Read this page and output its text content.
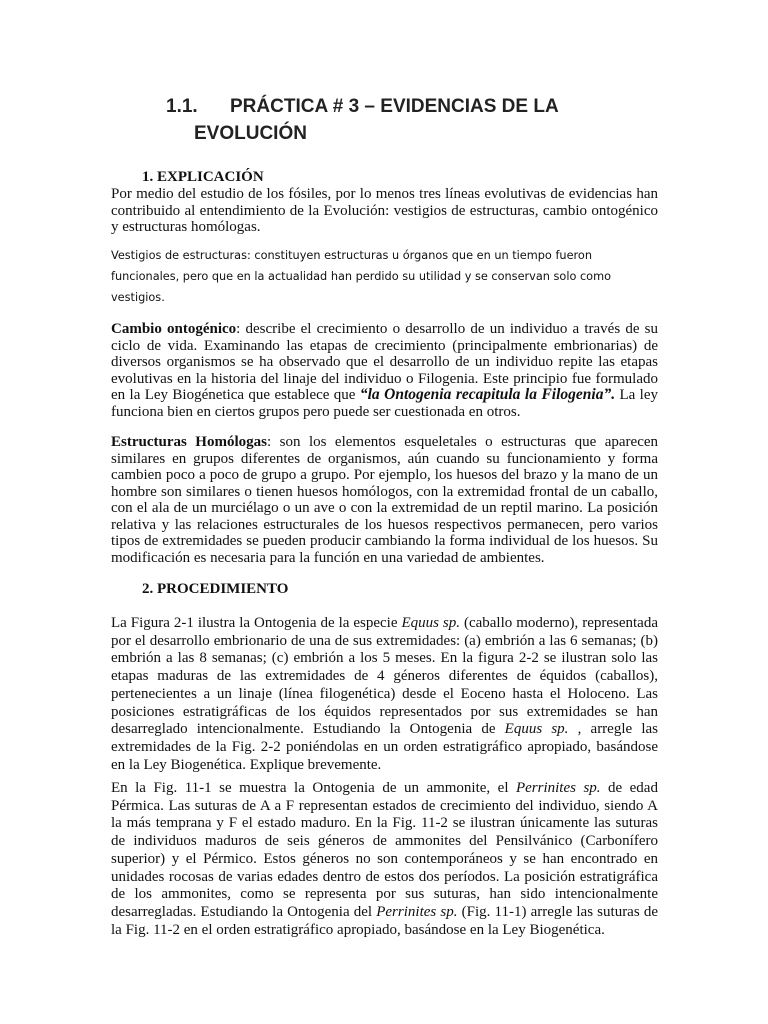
1.1. PRÁCTICA # 3 – EVIDENCIAS DE LA
EVOLUCIÓN
1. EXPLICACIÓN
Por medio del estudio de los fósiles, por lo menos tres líneas evolutivas de evidencias han contribuido al entendimiento de la Evolución: vestigios de estructuras, cambio ontogénico y estructuras homólogas.
Vestigios de estructuras: constituyen estructuras u órganos que en un tiempo fueron funcionales, pero que en la actualidad han perdido su utilidad y se conservan solo como vestigios.
Cambio ontogénico: describe el crecimiento o desarrollo de un individuo a través de su ciclo de vida. Examinando las etapas de crecimiento (principalmente embrionarias) de diversos organismos se ha observado que el desarrollo de un individuo repite las etapas evolutivas en la historia del linaje del individuo o Filogenia. Este principio fue formulado en la Ley Biogénetica que establece que “la Ontogenia recapitula la Filogenia”. La ley funciona bien en ciertos grupos pero puede ser cuestionada en otros.
Estructuras Homólogas: son los elementos esqueletales o estructuras que aparecen similares en grupos diferentes de organismos, aún cuando su funcionamiento y forma cambien poco a poco de grupo a grupo. Por ejemplo, los huesos del brazo y la mano de un hombre son similares o tienen huesos homólogos, con la extremidad frontal de un caballo, con el ala de un murciélago o un ave o con la extremidad de un reptil marino. La posición relativa y las relaciones estructurales de los huesos respectivos permanecen, pero varios tipos de extremidades se pueden producir cambiando la forma individual de los huesos. Su modificación es necesaria para la función en una variedad de ambientes.
2. PROCEDIMIENTO
La Figura 2-1 ilustra la Ontogenia de la especie Equus sp. (caballo moderno), representada por el desarrollo embrionario de una de sus extremidades: (a) embrión a las 6 semanas; (b) embrión a las 8 semanas; (c) embrión a los 5 meses. En la figura 2-2 se ilustran solo las etapas maduras de las extremidades de 4 géneros diferentes de équidos (caballos), pertenecientes a un linaje (línea filogenética) desde el Eoceno hasta el Holoceno. Las posiciones estratigráficas de los équidos representados por sus extremidades se han desarreglado intencionalmente. Estudiando la Ontogenia de Equus sp. , arregle las extremidades de la Fig. 2-2 poniéndolas en un orden estratigráfico apropiado, basándose en la Ley Biogenética. Explique brevemente.
En la Fig. 11-1 se muestra la Ontogenia de un ammonite, el Perrinites sp. de edad Pérmica. Las suturas de A a F representan estados de crecimiento del individuo, siendo A la más temprana y F el estado maduro. En la Fig. 11-2 se ilustran únicamente las suturas de individuos maduros de seis géneros de ammonites del Pensilvánico (Carbonífero superior) y el Pérmico. Estos géneros no son contemporáneos y se han encontrado en unidades rocosas de varias edades dentro de estos dos períodos. La posición estratigráfica de los ammonites, como se representa por sus suturas, han sido intencionalmente desarregladas. Estudiando la Ontogenia del Perrinites sp. (Fig. 11-1) arregle las suturas de la Fig. 11-2 en el orden estratigráfico apropiado, basándose en la Ley Biogenética.
